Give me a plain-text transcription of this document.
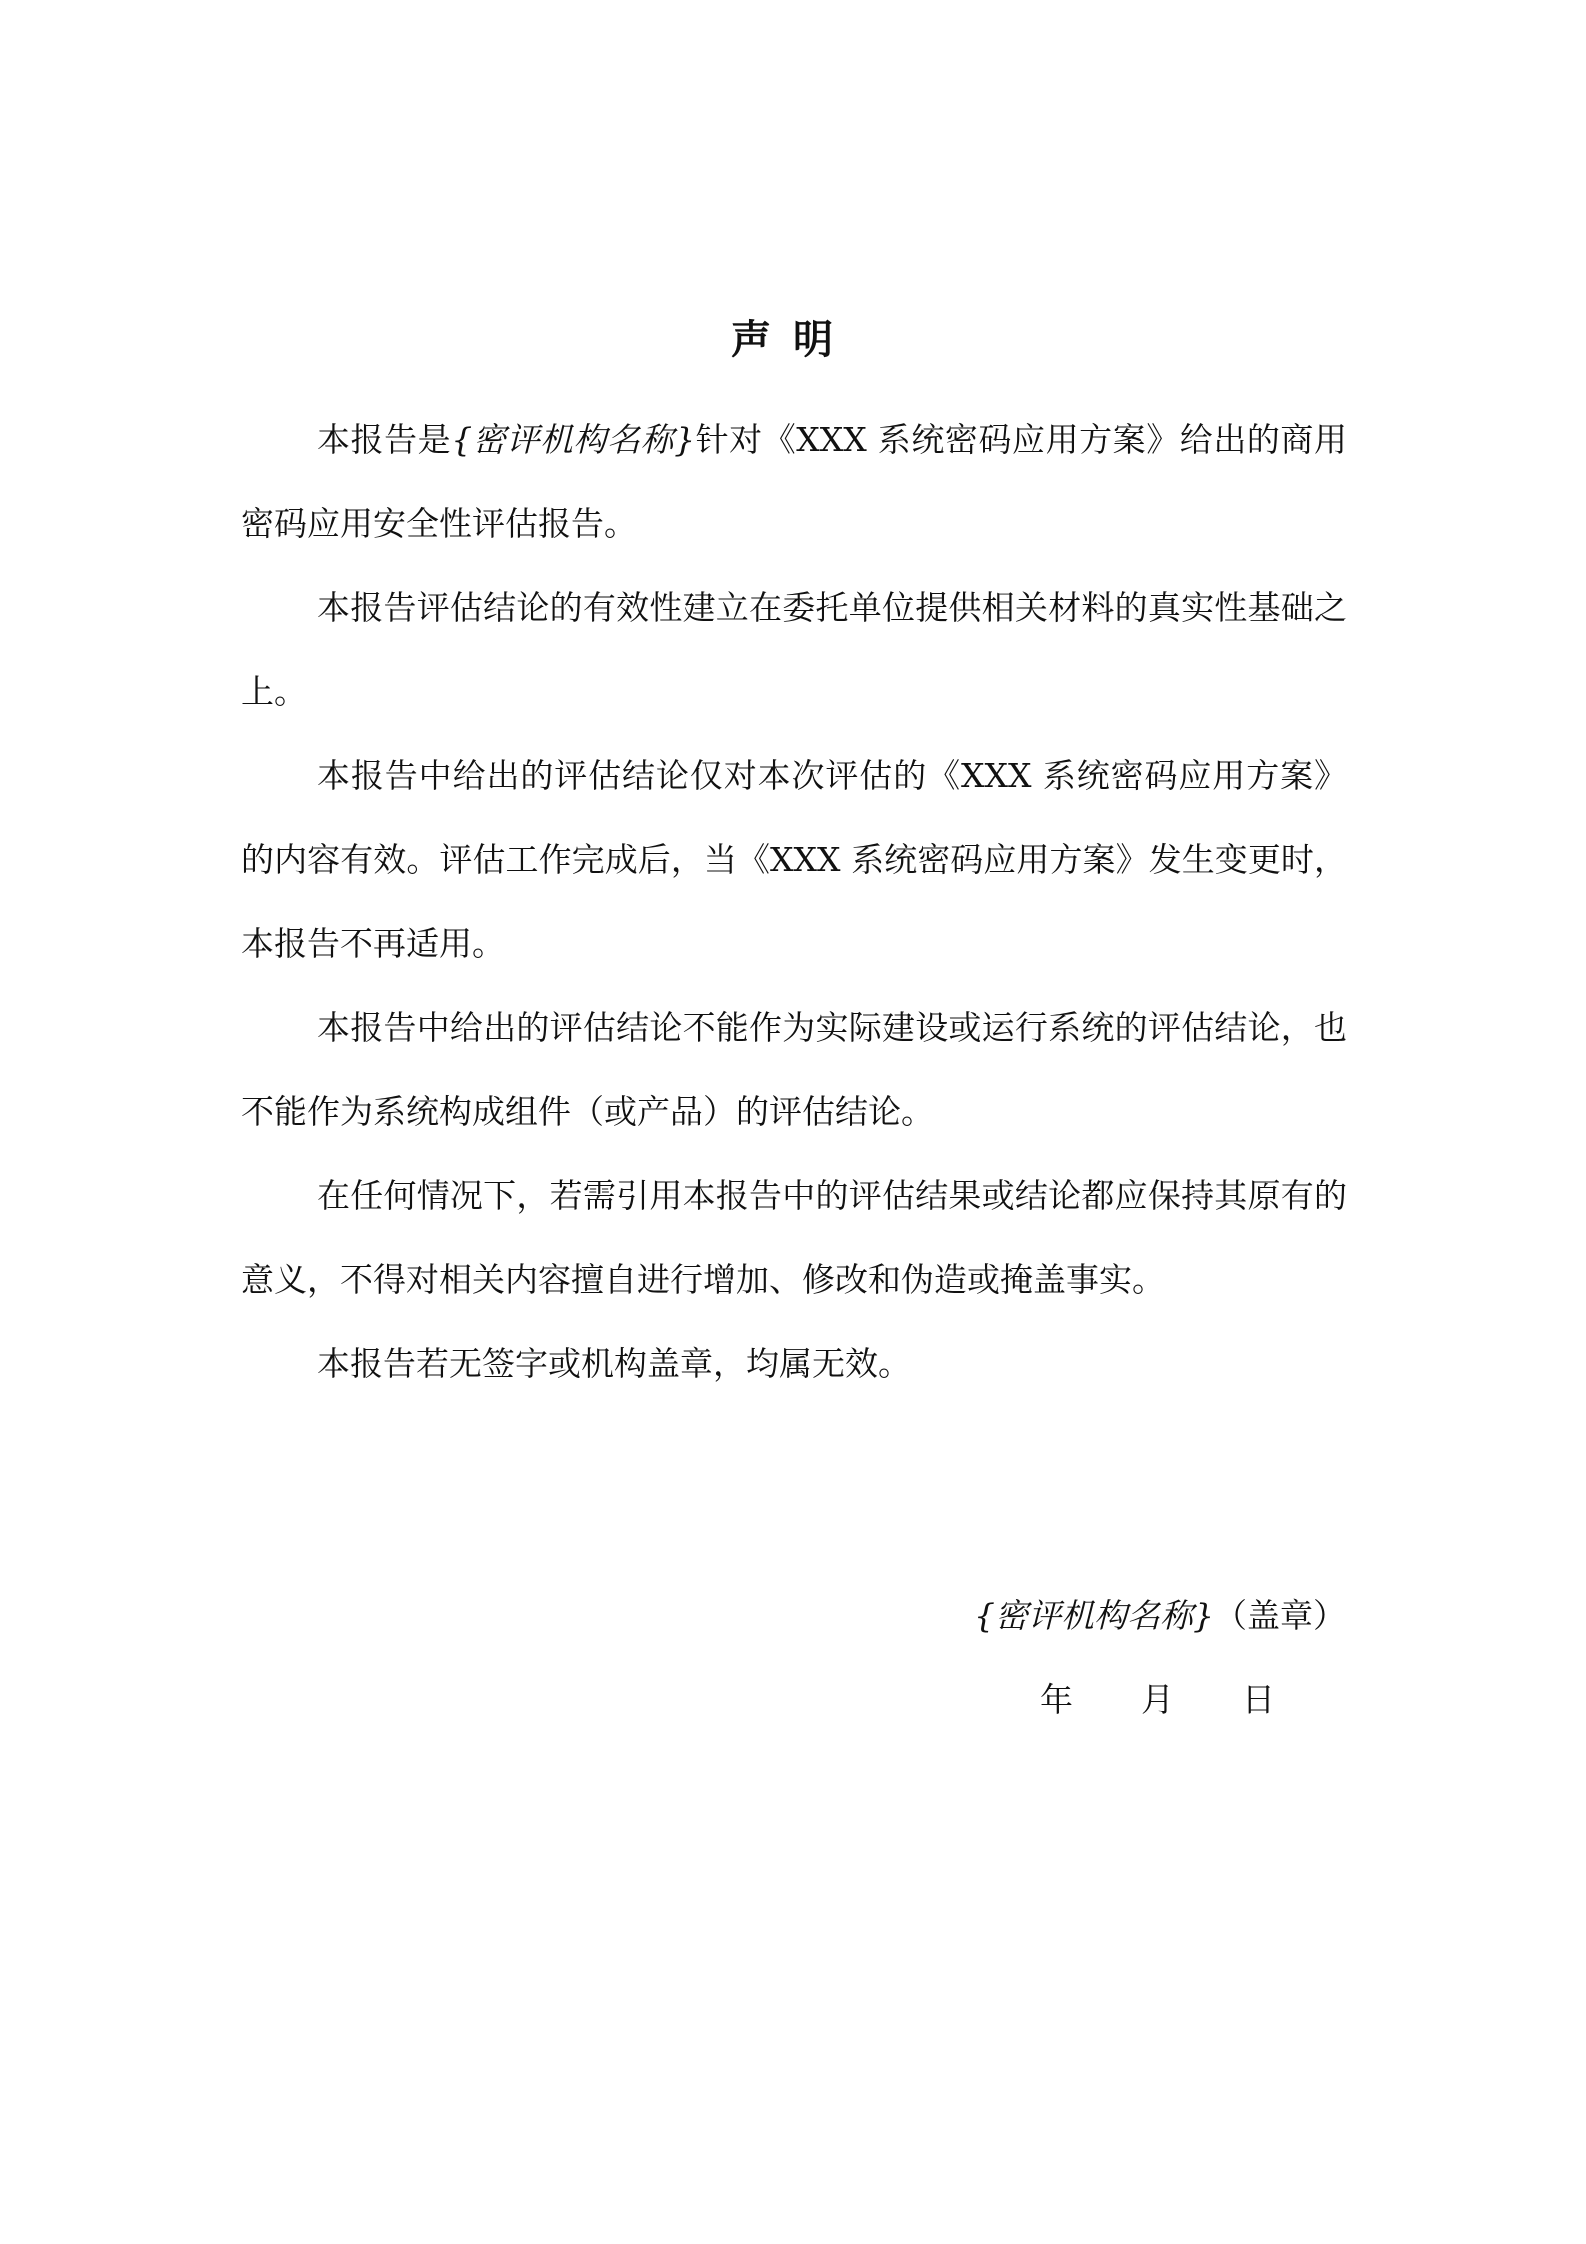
声明

本报告是{密评机构名称}针对《XXX 系统密码应用方案》给出的商用密码应用安全性评估报告。

本报告评估结论的有效性建立在委托单位提供相关材料的真实性基础之上。

本报告中给出的评估结论仅对本次评估的《XXX 系统密码应用方案》的内容有效。评估工作完成后，当《XXX 系统密码应用方案》发生变更时，本报告不再适用。

本报告中给出的评估结论不能作为实际建设或运行系统的评估结论，也不能作为系统构成组件（或产品）的评估结论。

在任何情况下，若需引用本报告中的评估结果或结论都应保持其原有的意义，不得对相关内容擅自进行增加、修改和伪造或掩盖事实。

本报告若无签字或机构盖章，均属无效。

{密评机构名称}（盖章）
年 月 日
